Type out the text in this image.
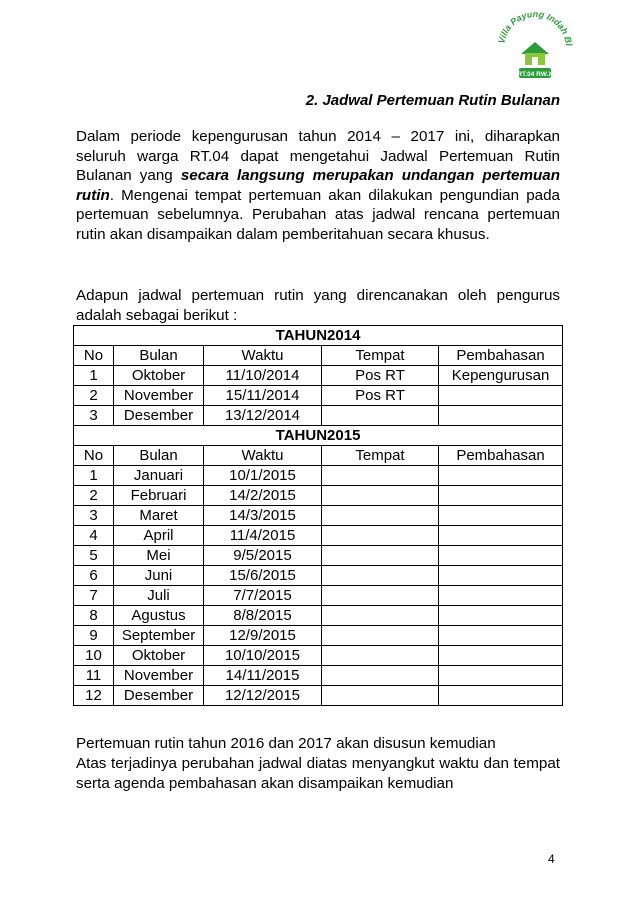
Villa Payung Indah Bl
RT.04 RW.X
2. Jadwal Pertemuan Rutin Bulanan
Dalam periode kepengurusan tahun 2014 – 2017 ini, diharapkan seluruh warga RT.04 dapat mengetahui Jadwal Pertemuan Rutin Bulanan yang secara langsung merupakan undangan pertemuan rutin. Mengenai tempat pertemuan akan dilakukan pengundian pada pertemuan sebelumnya. Perubahan atas jadwal rencana pertemuan rutin akan disampaikan dalam pemberitahuan secara khusus.
Adapun jadwal pertemuan rutin yang direncanakan oleh pengurus adalah sebagai berikut :
TAHUN2014				
No	Bulan	Waktu	Tempat	Pembahasan
1	Oktober	11/10/2014	Pos RT	Kepengurusan
2	November	15/11/2014	Pos RT	
3	Desember	13/12/2014		
TAHUN2015				
No	Bulan	Waktu	Tempat	Pembahasan
1	Januari	10/1/2015		
2	Februari	14/2/2015		
3	Maret	14/3/2015		
4	April	11/4/2015		
5	Mei	9/5/2015		
6	Juni	15/6/2015		
7	Juli	7/7/2015		
8	Agustus	8/8/2015		
9	September	12/9/2015		
10	Oktober	10/10/2015		
11	November	14/11/2015		
12	Desember	12/12/2015		
Pertemuan rutin tahun 2016 dan 2017 akan disusun kemudian
Atas terjadinya perubahan jadwal diatas menyangkut waktu dan tempat serta agenda pembahasan akan disampaikan kemudian
4
